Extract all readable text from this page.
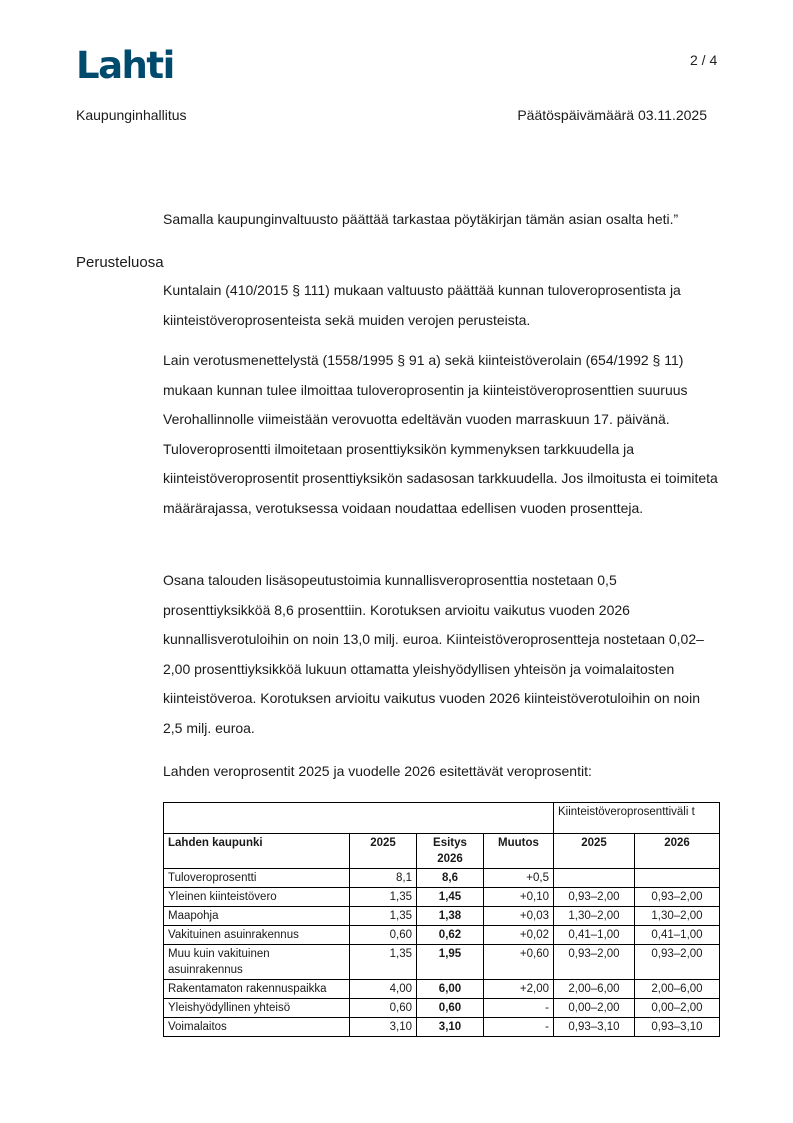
Lahti	2 / 4
Kaupunginhallitus	Päätöspäivämäärä 03.11.2025
Samalla kaupunginvaltuusto päättää tarkastaa pöytäkirjan tämän asian osalta heti.”
Perusteluosa
Kuntalain (410/2015 § 111) mukaan valtuusto päättää kunnan tuloveroprosentista ja kiinteistöveroprosenteista sekä muiden verojen perusteista.
Lain verotusmenettelystä (1558/1995 § 91 a) sekä kiinteistöverolain (654/1992 § 11) mukaan kunnan tulee ilmoittaa tuloveroprosentin ja kiinteistöveroprosenttien suuruus Verohallinnolle viimeistään verovuotta edeltävän vuoden marraskuun 17. päivänä. Tuloveroprosentti ilmoitetaan prosenttiyksikön kymmenyksen tarkkuudella ja kiinteistöveroprosentit prosenttiyksikön sadasosan tarkkuudella. Jos ilmoitusta ei toimiteta määrärajassa, verotuksessa voidaan noudattaa edellisen vuoden prosentteja.
Osana talouden lisäsopeutustoimia kunnallisveroprosenttia nostetaan 0,5 prosenttiyksikköä 8,6 prosenttiin. Korotuksen arvioitu vaikutus vuoden 2026 kunnallisverotuloihin on noin 13,0 milj. euroa. Kiinteistöveroprosentteja nostetaan 0,02–2,00 prosenttiyksikköä lukuun ottamatta yleishyödyllisen yhteisön ja voimalaitosten kiinteistöveroa. Korotuksen arvioitu vaikutus vuoden 2026 kiinteistöverotuloihin on noin 2,5 milj. euroa.
Lahden veroprosentit 2025 ja vuodelle 2026 esitettävät veroprosentit:
				Kiinteistöveroprosenttiväli t	
Lahden kaupunki	2025	Esitys 2026	Muutos	2025	2026
Tuloveroprosentti	8,1	8,6	+0,5		
Yleinen kiinteistövero	1,35	1,45	+0,10	0,93–2,00	0,93–2,00
Maapohja	1,35	1,38	+0,03	1,30–2,00	1,30–2,00
Vakituinen asuinrakennus	0,60	0,62	+0,02	0,41–1,00	0,41–1,00
Muu kuin vakituinen asuinrakennus	1,35	1,95	+0,60	0,93–2,00	0,93–2,00
Rakentamaton rakennuspaikka	4,00	6,00	+2,00	2,00–6,00	2,00–6,00
Yleishyödyllinen yhteisö	0,60	0,60	-	0,00–2,00	0,00–2,00
Voimalaitos	3,10	3,10	-	0,93–3,10	0,93–3,10
